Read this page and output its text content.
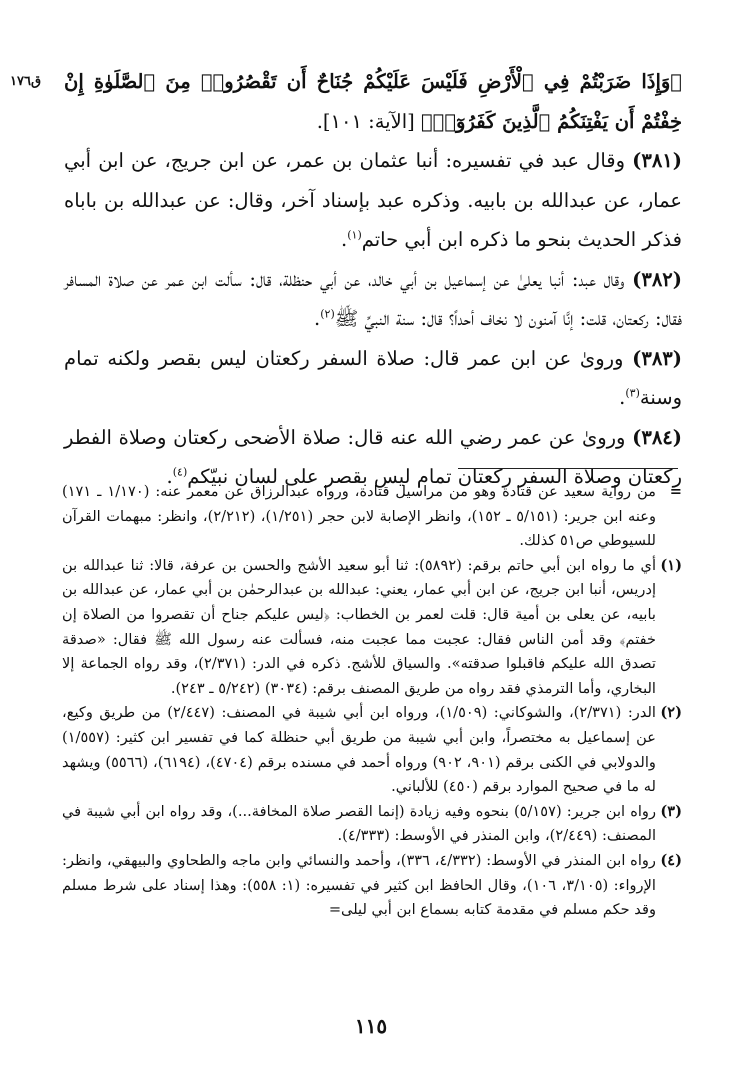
ق١٧٦ ﴿وَإِذَا ضَرَبْتُمْ فِي ٱلْأَرْضِ فَلَيْسَ عَلَيْكُمْ جُنَاحٌ أَن تَقْصُرُوا۟ مِنَ ٱلصَّلَوٰةِ إِنْ خِفْتُمْ أَن يَفْتِنَكُمُ ٱلَّذِينَ كَفَرُوٓا۟﴾ [الآية: ١٠١].

(٣٨١) وقال عبد في تفسيره: أنبا عثمان بن عمر، عن ابن جريج، عن ابن أبي عمار، عن عبدالله بن بابيه. وذكره عبد بإسناد آخر، وقال: عن عبدالله بن باباه فذكر الحديث بنحو ما ذكره ابن أبي حاتم$^{(١)}$.

(٣٨٢) وقال عبد: أنبا يعلىٰ عن إسماعيل بن أبي خالد، عن أبي حنظلة، قال: سألت ابن عمر عن صلاة المسافر فقال: ركعتان، قلت: إنَّا آمنون لا نخاف أحداً؟ قال: سنة النبيِّ ﷺ$^{(٢)}$.

(٣٨٣) ورویٰ عن ابن عمر قال: صلاة السفر ركعتان ليس بقصر ولكنه تمام وسنة$^{(٣)}$.

(٣٨٤) ورویٰ عن عمر رضي الله عنه قال: صلاة الأضحى ركعتان وصلاة الفطر ركعتان وصلاة السفر ركعتان تمام ليس بقصر على لسان نبيّكم$^{(٤)}$.

=
من رواية سعيد عن قتادة وهو من مراسيل قتادة، ورواه عبدالرزاق عن معمر عنه: (١/١٧٠ ـ ١٧١) وعنه ابن جرير: (٥/١٥١ ـ ١٥٢)، وانظر الإصابة لابن حجر (١/٢٥١)، (٢/٢١٢)، وانظر: مبهمات القرآن للسيوطي ص٥١ كذلك.
(١)
أي ما رواه ابن أبي حاتم برقم: (٥٨٩٢): ثنا أبو سعيد الأشج والحسن بن عرفة، قالا: ثنا عبدالله بن إدريس، أنبا ابن جريج، عن ابن أبي عمار، يعني: عبدالله بن عبدالرحمٰن بن أبي عمار، عن عبدالله بن بابيه، عن يعلى بن أمية قال: قلت لعمر بن الخطاب: ﴿ليس عليكم جناح أن تقصروا من الصلاة إن خفتم﴾ وقد أمن الناس فقال: عجبت مما عجبت منه، فسألت عنه رسول الله ﷺ فقال: «صدقة تصدق الله عليكم فاقبلوا صدقته». والسياق للأشج. ذكره في الدر: (٢/٣٧١)، وقد رواه الجماعة إلا البخاري، وأما الترمذي فقد رواه من طريق المصنف برقم: (٣٠٣٤) (٥/٢٤٢ ـ ٢٤٣).
(٢)
الدر: (٢/٣٧١)، والشوكاني: (١/٥٠٩)، ورواه ابن أبي شيبة في المصنف: (٢/٤٤٧) من طريق وكيع، عن إسماعيل به مختصراً، وابن أبي شيبة من طريق أبي حنظلة كما في تفسير ابن كثير: (١/٥٥٧) والدولابي في الكنى برقم (٩٠١، ٩٠٢) ورواه أحمد في مسنده برقم (٤٧٠٤)، (٦١٩٤)، (٥٥٦٦) ويشهد له ما في صحيح الموارد برقم (٤٥٠) للألباني.
(٣)
رواه ابن جرير: (٥/١٥٧) بنحوه وفيه زيادة (إنما القصر صلاة المخافة...)، وقد رواه ابن أبي شيبة في المصنف: (٢/٤٤٩)، وابن المنذر في الأوسط: (٤/٣٣٣).
(٤)
رواه ابن المنذر في الأوسط: (٤/٣٣٢، ٣٣٦)، وأحمد والنسائي وابن ماجه والطحاوي والبيهقي، وانظر: الإرواء: (٣/١٠٥، ١٠٦)، وقال الحافظ ابن كثير في تفسيره: (١: ٥٥٨): وهذا إسناد على شرط مسلم وقد حكم مسلم في مقدمة كتابه بسماع ابن أبي ليلى=
١١٥
